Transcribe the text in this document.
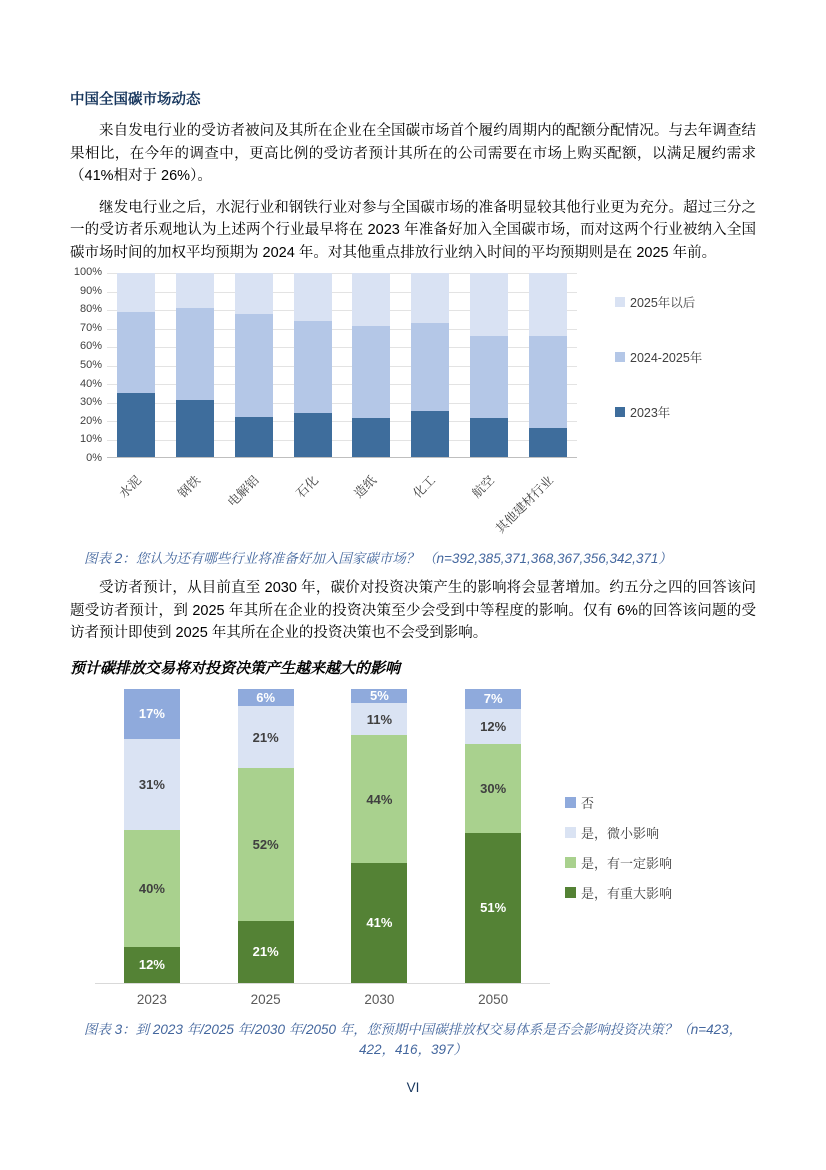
中国全国碳市场动态

来自发电行业的受访者被问及其所在企业在全国碳市场首个履约周期内的配额分配情况。与去年调查结果相比，在今年的调查中，更高比例的受访者预计其所在的公司需要在市场上购买配额，以满足履约需求（41%相对于 26%）。

继发电行业之后，水泥行业和钢铁行业对参与全国碳市场的准备明显较其他行业更为充分。超过三分之一的受访者乐观地认为上述两个行业最早将在 2023 年准备好加入全国碳市场，而对这两个行业被纳入全国碳市场时间的加权平均预期为 2024 年。对其他重点排放行业纳入时间的平均预期则是在 2025 年前。

100%
90%
80%
70%
60%
50%
40%
30%
20%
10%
0%
水泥 钢铁 电解铝 石化 造纸 化工 航空
其他建材行业
2025年以后
2024-2025年
2023年

图表 2：您认为还有哪些行业将准备好加入国家碳市场？ （n=392,385,371,368,367,356,342,371）

受访者预计，从目前直至 2030 年，碳价对投资决策产生的影响将会显著增加。约五分之四的回答该问题受访者预计，到 2025 年其所在企业的投资决策至少会受到中等程度的影响。仅有 6%的回答该问题的受访者预计即使到 2025 年其所在企业的投资决策也不会受到影响。

预计碳排放交易将对投资决策产生越来越大的影响
12%
40%
31%
17%
21%
52%
21%
6%
41%
44%
11%
5%
51%
30%
12%
7%
2023	2025	2030	2050
否
是，微小影响
是，有一定影响
是，有重大影响

图表 3：到 2023 年/2025 年/2030 年/2050 年，您预期中国碳排放权交易体系是否会影响投资决策？（n=423，422，416，397）

VI
